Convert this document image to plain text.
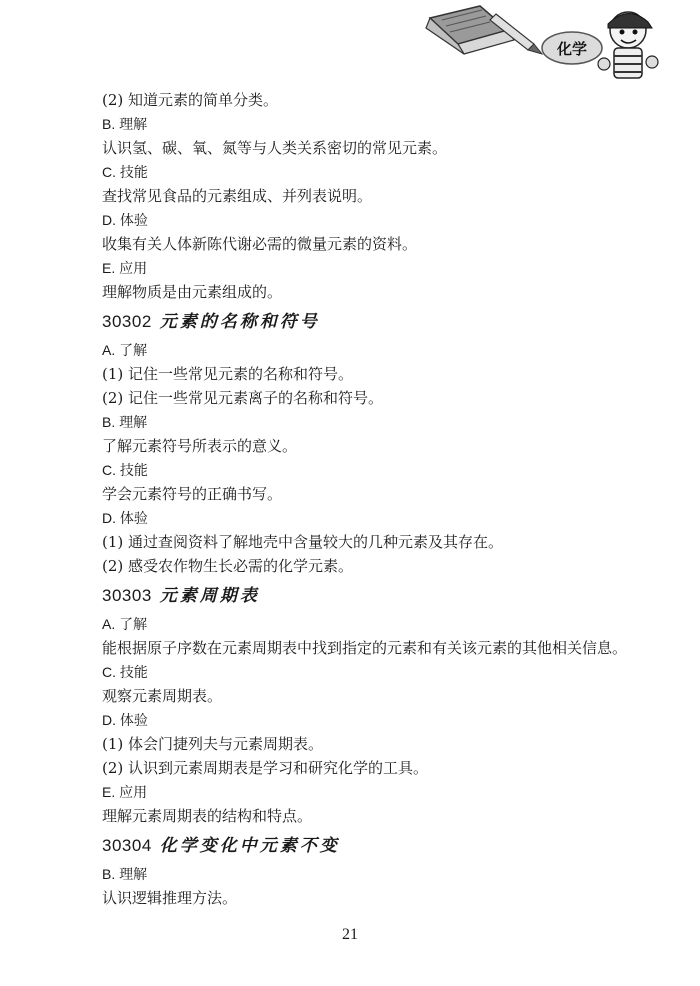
化学
(2) 知道元素的简单分类。
B. 理解
认识氢、碳、氧、氮等与人类关系密切的常见元素。
C. 技能
查找常见食品的元素组成、并列表说明。
D. 体验
收集有关人体新陈代谢必需的微量元素的资料。
E. 应用
理解物质是由元素组成的。
30302 元素的名称和符号
A. 了解
(1) 记住一些常见元素的名称和符号。
(2) 记住一些常见元素离子的名称和符号。
B. 理解
了解元素符号所表示的意义。
C. 技能
学会元素符号的正确书写。
D. 体验
(1) 通过查阅资料了解地壳中含量较大的几种元素及其存在。
(2) 感受农作物生长必需的化学元素。
30303 元素周期表
A. 了解
能根据原子序数在元素周期表中找到指定的元素和有关该元素的其他相关信息。
C. 技能
观察元素周期表。
D. 体验
(1) 体会门捷列夫与元素周期表。
(2) 认识到元素周期表是学习和研究化学的工具。
E. 应用
理解元素周期表的结构和特点。
30304 化学变化中元素不变
B. 理解
认识逻辑推理方法。
21
